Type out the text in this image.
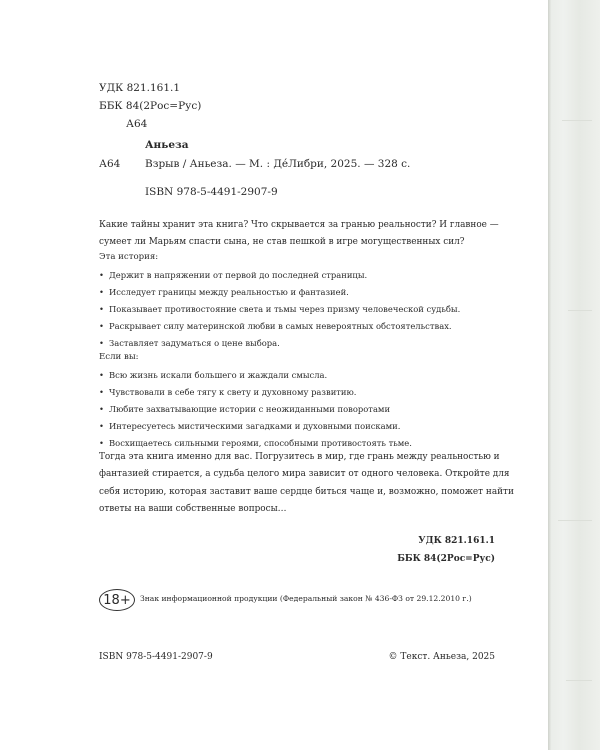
УДК 821.161.1
ББК 84(2Рос=Рус)
А64
Аньеза
А64 Взрыв / Аньеза. — М. : ДéЛибри, 2025. — 328 с.
ISBN 978-5-4491-2907-9
Какие тайны хранит эта книга? Что скрывается за гранью реальности? И главное —
сумеет ли Марьям спасти сына, не став пешкой в игре могущественных сил?
Эта история:
• Держит в напряжении от первой до последней страницы.
• Исследует границы между реальностью и фантазией.
• Показывает противостояние света и тьмы через призму человеческой судьбы.
• Раскрывает силу материнской любви в самых невероятных обстоятельствах.
• Заставляет задуматься о цене выбора.
Если вы:
• Всю жизнь искали большего и жаждали смысла.
• Чувствовали в себе тягу к свету и духовному развитию.
• Любите захватывающие истории с неожиданными поворотами
• Интересуетесь мистическими загадками и духовными поисками.
• Восхищаетесь сильными героями, способными противостоять тьме.
Тогда эта книга именно для вас. Погрузитесь в мир, где грань между реальностью и
фантазией стирается, а судьба целого мира зависит от одного человека. Откройте для
себя историю, которая заставит ваше сердце биться чаще и, возможно, поможет найти
ответы на ваши собственные вопросы…
УДК 821.161.1
ББК 84(2Рос=Рус)
18+	Знак информационной продукции (Федеральный закон № 436-ФЗ от 29.12.2010 г.)
ISBN 978-5-4491-2907-9	© Текст. Аньеза, 2025
